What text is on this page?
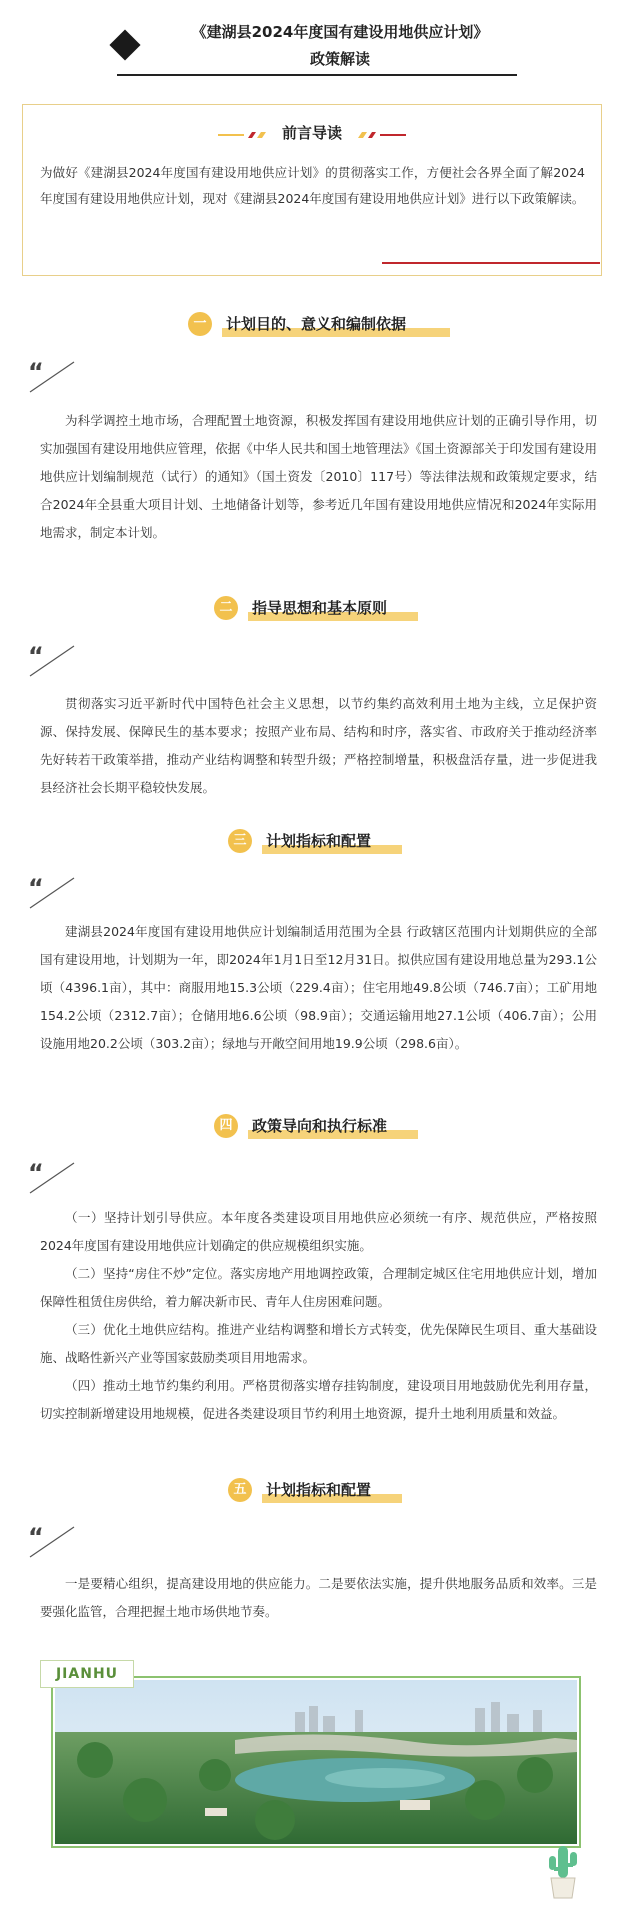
《建湖县2024年度国有建设用地供应计划》
政策解读
前言导读
为做好《建湖县2024年度国有建设用地供应计划》的贯彻落实工作，方便社会各界全面了解2024年度国有建设用地供应计划，现对《建湖县2024年度国有建设用地供应计划》进行以下政策解读。
一	计划目的、意义和编制依据
“

为科学调控土地市场，合理配置土地资源，积极发挥国有建设用地供应计划的正确引导作用，切实加强国有建设用地供应管理，依据《中华人民共和国土地管理法》《国土资源部关于印发国有建设用地供应计划编制规范（试行）的通知》（国土资发〔2010〕117号）等法律法规和政策规定要求，结合2024年全县重大项目计划、土地储备计划等，参考近几年国有建设用地供应情况和2024年实际用地需求，制定本计划。

二	指导思想和基本原则
“

贯彻落实习近平新时代中国特色社会主义思想，以节约集约高效利用土地为主线，立足保护资源、保持发展、保障民生的基本要求；按照产业布局、结构和时序，落实省、市政府关于推动经济率先好转若干政策举措，推动产业结构调整和转型升级；严格控制增量，积极盘活存量，进一步促进我县经济社会长期平稳较快发展。

三	计划指标和配置
“

建湖县2024年度国有建设用地供应计划编制适用范围为全县 行政辖区范围内计划期供应的全部国有建设用地，计划期为一年，即2024年1月1日至12月31日。拟供应国有建设用地总量为293.1公顷（4396.1亩），其中：商服用地15.3公顷（229.4亩）；住宅用地49.8公顷（746.7亩）；工矿用地154.2公顷（2312.7亩）；仓储用地6.6公顷（98.9亩）；交通运输用地27.1公顷（406.7亩）；公用设施用地20.2公顷（303.2亩）；绿地与开敞空间用地19.9公顷（298.6亩）。

四	政策导向和执行标准
“

（一）坚持计划引导供应。本年度各类建设项目用地供应必须统一有序、规范供应，严格按照2024年度国有建设用地供应计划确定的供应规模组织实施。

（二）坚持“房住不炒”定位。落实房地产用地调控政策，合理制定城区住宅用地供应计划，增加保障性租赁住房供给，着力解决新市民、青年人住房困难问题。

（三）优化土地供应结构。推进产业结构调整和增长方式转变，优先保障民生项目、重大基础设施、战略性新兴产业等国家鼓励类项目用地需求。

（四）推动土地节约集约利用。严格贯彻落实增存挂钩制度，建设项目用地鼓励优先利用存量，切实控制新增建设用地规模，促进各类建设项目节约利用土地资源，提升土地利用质量和效益。

五	计划指标和配置
“

一是要精心组织，提高建设用地的供应能力。二是要依法实施，提升供地服务品质和效率。三是要强化监管，合理把握土地市场供地节奏。

JIANHU
